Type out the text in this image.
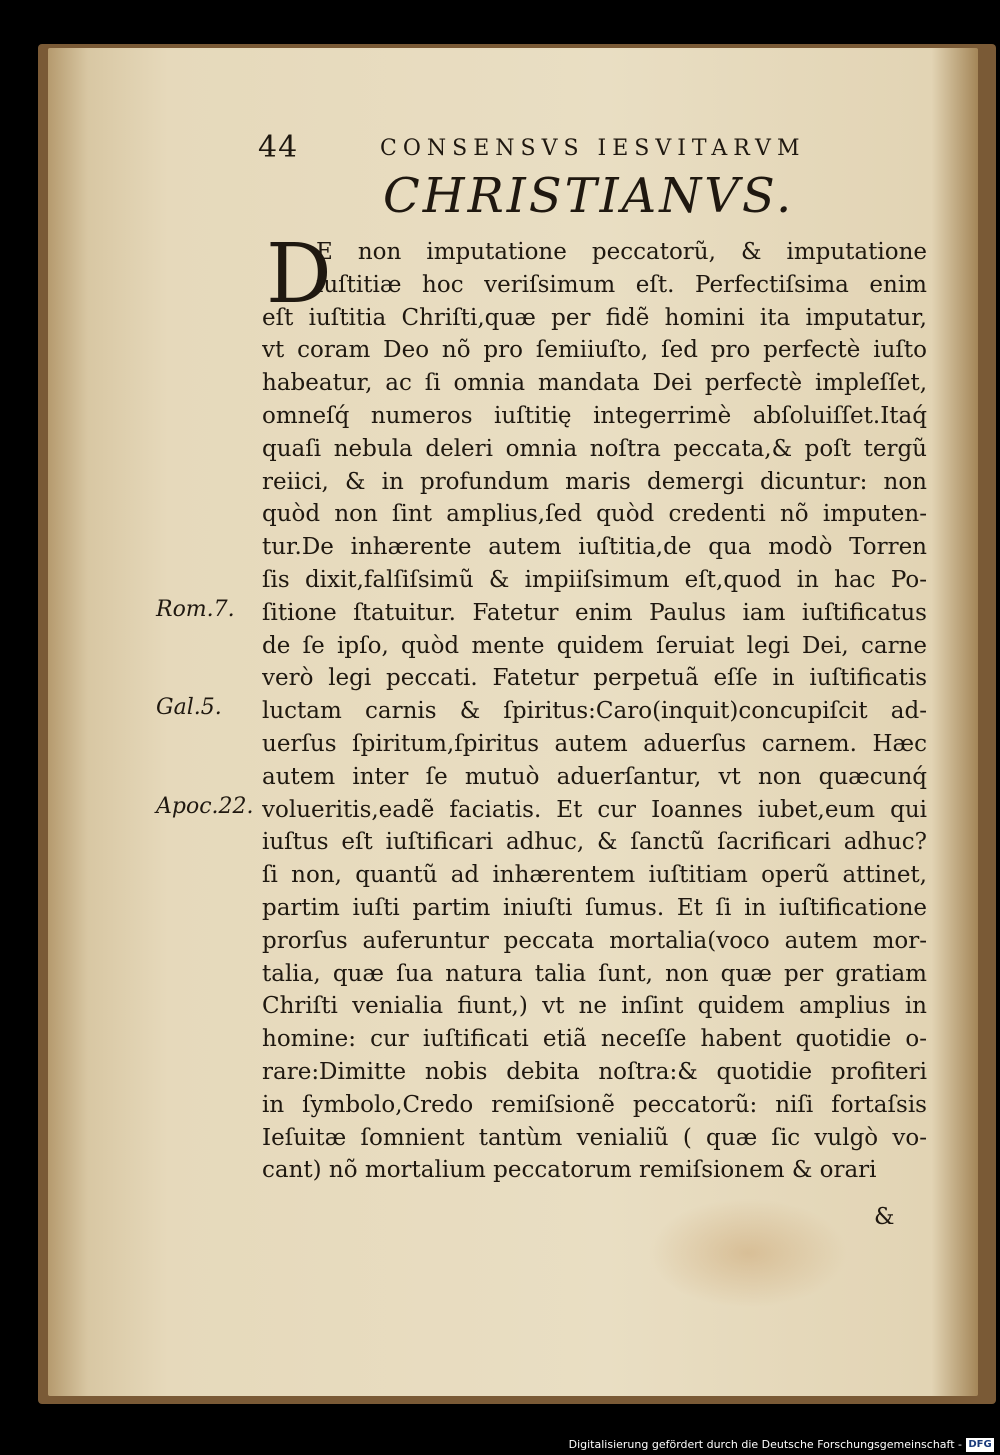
44	CONSENSVS IESVITARVM
CHRISTIANVS.
D
E non imputatione peccatorũ, & imputatione
iuſtitiæ hoc veriſsimum eſt. Perfectiſsima enim
eſt iuſtitia Chriſti,quæ per fidẽ homini ita imputatur,
vt coram Deo nõ pro ſemiiuſto, ſed pro perfectè iuſto
habeatur, ac ſi omnia mandata Dei perfectè impleſſet,
omneſq́ numeros iuſtitię integerrimè abſoluiſſet.Itaq́
quaſi nebula deleri omnia noſtra peccata,& poſt tergũ
reiici, & in profundum maris demergi dicuntur: non
quòd non ſint amplius,ſed quòd credenti nõ imputen-
tur.De inhærente autem iuſtitia,de qua modò Torren
ſis dixit,falſiſsimũ & impiiſsimum eſt,quod in hac Po-
ſitione ſtatuitur. Fatetur enim Paulus iam iuſtificatus
de ſe ipſo, quòd mente quidem ſeruiat legi Dei, carne
verò legi peccati. Fatetur perpetuã eſſe in iuſtificatis
luctam carnis & ſpiritus:Caro(inquit)concupiſcit ad-
uerſus ſpiritum,ſpiritus autem aduerſus carnem. Hæc
autem inter ſe mutuò aduerſantur, vt non quæcunq́
volueritis,eadẽ faciatis. Et cur Ioannes iubet,eum qui
iuſtus eſt iuſtificari adhuc, & ſanctũ ſacrificari adhuc?
ſi non, quantũ ad inhærentem iuſtitiam operũ attinet,
partim iuſti partim iniuſti ſumus. Et ſi in iuſtificatione
prorſus auferuntur peccata mortalia(voco autem mor-
talia, quæ ſua natura talia ſunt, non quæ per gratiam
Chriſti venialia fiunt,) vt ne inſint quidem amplius in
homine: cur iuſtificati etiã neceſſe habent quotidie o-
rare:Dimitte nobis debita noſtra:& quotidie profiteri
in ſymbolo,Credo remiſsionẽ peccatorũ: niſi fortaſsis
Ieſuitæ ſomnient tantùm venialiũ ( quæ ſic vulgò vo-
cant) nõ mortalium peccatorum remiſsionem & orari
Rom.7.
Gal.5.
Apoc.22.
&
Digitalisierung gefördert durch die Deutsche Forschungsgemeinschaft - DFG
